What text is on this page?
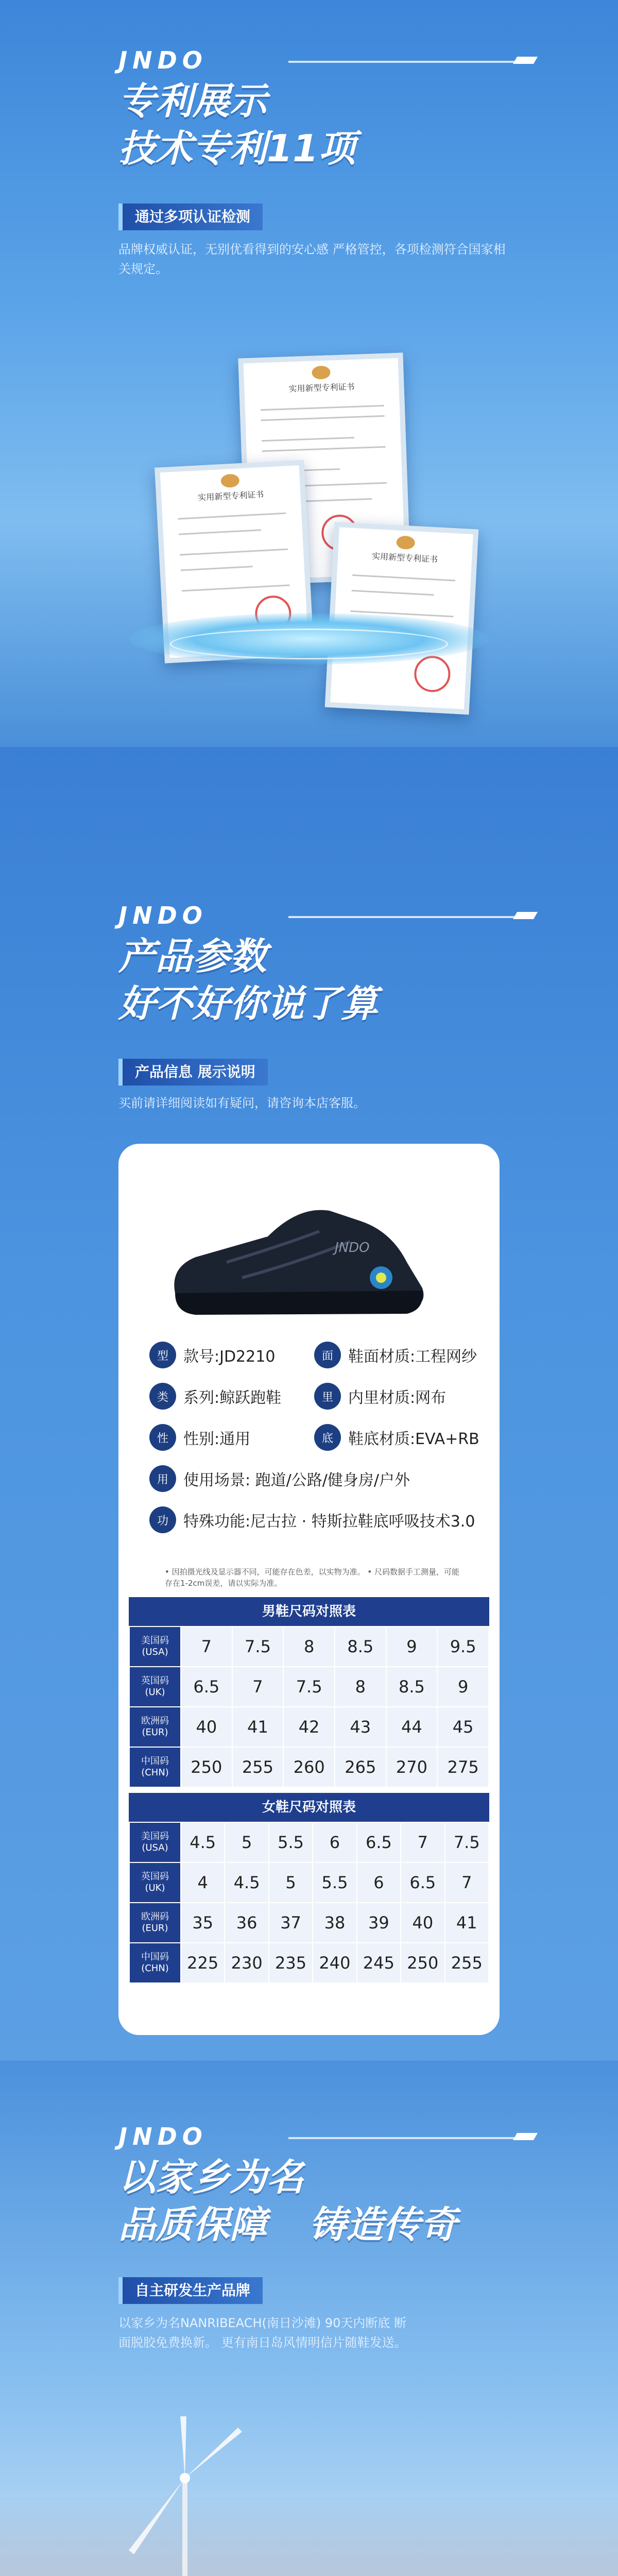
JNDO
专利展示
技术专利11项
通过多项认证检测
品牌权威认证，无别优看得到的安心感 严格管控，各项检测符合国家相关规定。
实用新型专利证书
实用新型专利证书
实用新型专利证书
JNDO
产品参数
好不好你说了算
产品信息 展示说明
买前请详细阅读如有疑问，请咨询本店客服。
JNDO
型 款号:JD2210	面 鞋面材质:工程网纱
类 系列:鲸跃跑鞋	里 内里材质:网布
性 性别:通用	底 鞋底材质:EVA+RB
用 使用场景: 跑道/公路/健身房/户外
功 特殊功能:尼古拉 · 特斯拉鞋底呼吸技术3.0
• 因拍摄光线及显示器不同，可能存在色差，以实物为准。 • 尺码数据手工测量，可能存在1-2cm误差，请以实际为准。
男鞋尺码对照表
美国码 (USA)	7	7.5	8	8.5	9	9.5
英国码 (UK)	6.5	7	7.5	8	8.5	9
欧洲码 (EUR)	40	41	42	43	44	45
中国码 (CHN)	250	255	260	265	270	275
女鞋尺码对照表
美国码 (USA)	4.5	5	5.5	6	6.5	7	7.5
英国码 (UK)	4	4.5	5	5.5	6	6.5	7
欧洲码 (EUR)	35	36	37	38	39	40	41
中国码 (CHN)	225	230	235	240	245	250	255
JNDO
以家乡为名
品质保障 铸造传奇
自主研发生产品牌
以家乡为名NANRIBEACH(南日沙滩) 90天内断底 断面脱胶免费换新。 更有南日岛风情明信片随鞋发送。
